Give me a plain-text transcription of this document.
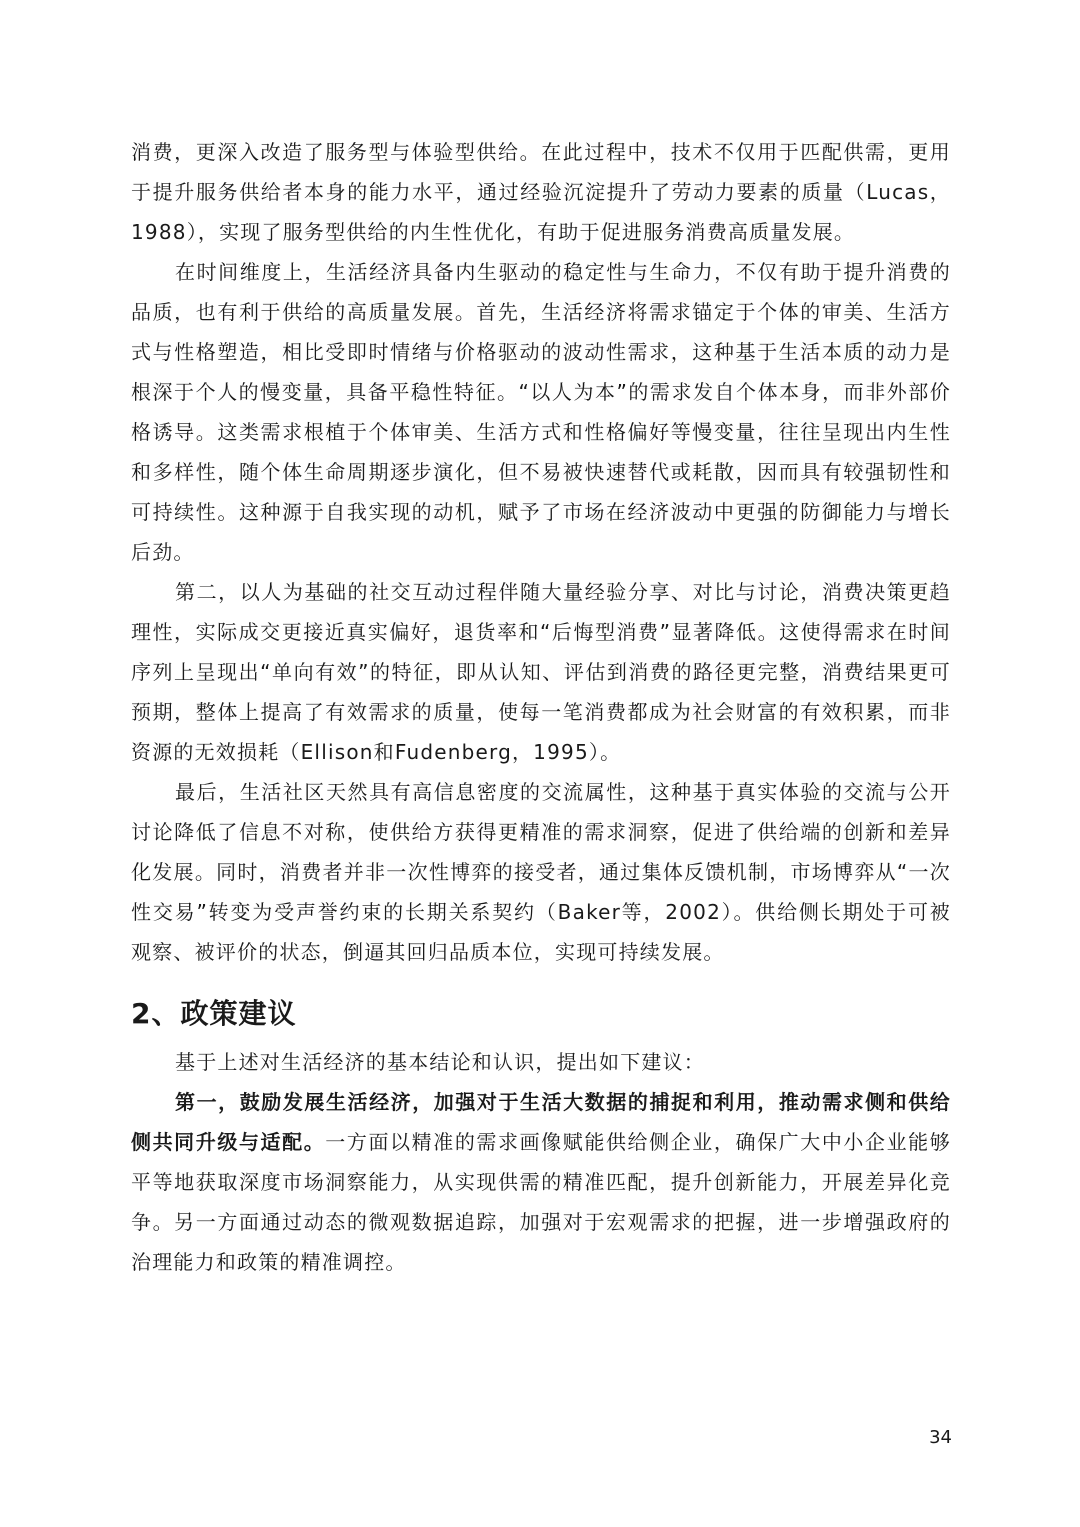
消费，更深入改造了服务型与体验型供给。在此过程中，技术不仅用于匹配供需，更用于提升服务供给者本身的能力水平，通过经验沉淀提升了劳动力要素的质量（Lucas，1988），实现了服务型供给的内生性优化，有助于促进服务消费高质量发展。

在时间维度上，生活经济具备内生驱动的稳定性与生命力，不仅有助于提升消费的品质，也有利于供给的高质量发展。首先，生活经济将需求锚定于个体的审美、生活方式与性格塑造，相比受即时情绪与价格驱动的波动性需求，这种基于生活本质的动力是根深于个人的慢变量，具备平稳性特征。“以人为本”的需求发自个体本身，而非外部价格诱导。这类需求根植于个体审美、生活方式和性格偏好等慢变量，往往呈现出内生性和多样性，随个体生命周期逐步演化，但不易被快速替代或耗散，因而具有较强韧性和可持续性。这种源于自我实现的动机，赋予了市场在经济波动中更强的防御能力与增长后劲。

第二，以人为基础的社交互动过程伴随大量经验分享、对比与讨论，消费决策更趋理性，实际成交更接近真实偏好，退货率和“后悔型消费”显著降低。这使得需求在时间序列上呈现出“单向有效”的特征，即从认知、评估到消费的路径更完整，消费结果更可预期，整体上提高了有效需求的质量，使每一笔消费都成为社会财富的有效积累，而非资源的无效损耗（Ellison和Fudenberg，1995）。

最后，生活社区天然具有高信息密度的交流属性，这种基于真实体验的交流与公开讨论降低了信息不对称，使供给方获得更精准的需求洞察，促进了供给端的创新和差异化发展。同时，消费者并非一次性博弈的接受者，通过集体反馈机制，市场博弈从“一次性交易”转变为受声誉约束的长期关系契约（Baker等，2002）。供给侧长期处于可被观察、被评价的状态，倒逼其回归品质本位，实现可持续发展。

2、政策建议

基于上述对生活经济的基本结论和认识，提出如下建议：

第一，鼓励发展生活经济，加强对于生活大数据的捕捉和利用，推动需求侧和供给侧共同升级与适配。一方面以精准的需求画像赋能供给侧企业，确保广大中小企业能够平等地获取深度市场洞察能力，从实现供需的精准匹配，提升创新能力，开展差异化竞争。另一方面通过动态的微观数据追踪，加强对于宏观需求的把握，进一步增强政府的治理能力和政策的精准调控。

34
